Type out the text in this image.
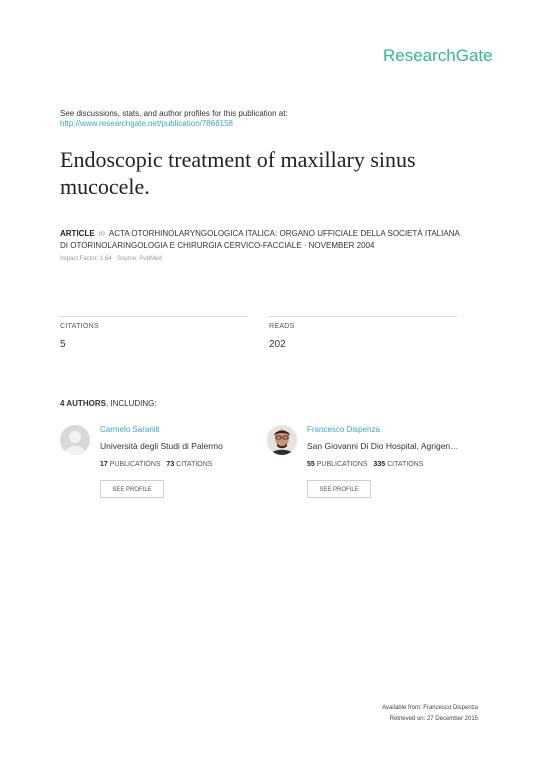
ResearchGate
See discussions, stats, and author profiles for this publication at:
http://www.researchgate.net/publication/7866158
Endoscopic treatment of maxillary sinus mucocele.
ARTICLE in ACTA OTORHINOLARYNGOLOGICA ITALICA: ORGANO UFFICIALE DELLA SOCIETÀ ITALIANA DI OTORINOLARINGOLOGIA E CHIRURGIA CERVICO-FACCIALE · NOVEMBER 2004
Impact Factor: 1.64 · Source: PubMed
CITATIONS
5
READS
202
4 AUTHORS, INCLUDING:
Carmelo Saraniti
Università degli Studi di Palermo
17 PUBLICATIONS 73 CITATIONS
SEE PROFILE
Francesco Dispenza
San Giovanni Di Dio Hospital, Agrigen…
55 PUBLICATIONS 335 CITATIONS
SEE PROFILE
Available from: Francesco Dispenza
Retrieved on: 27 December 2015
